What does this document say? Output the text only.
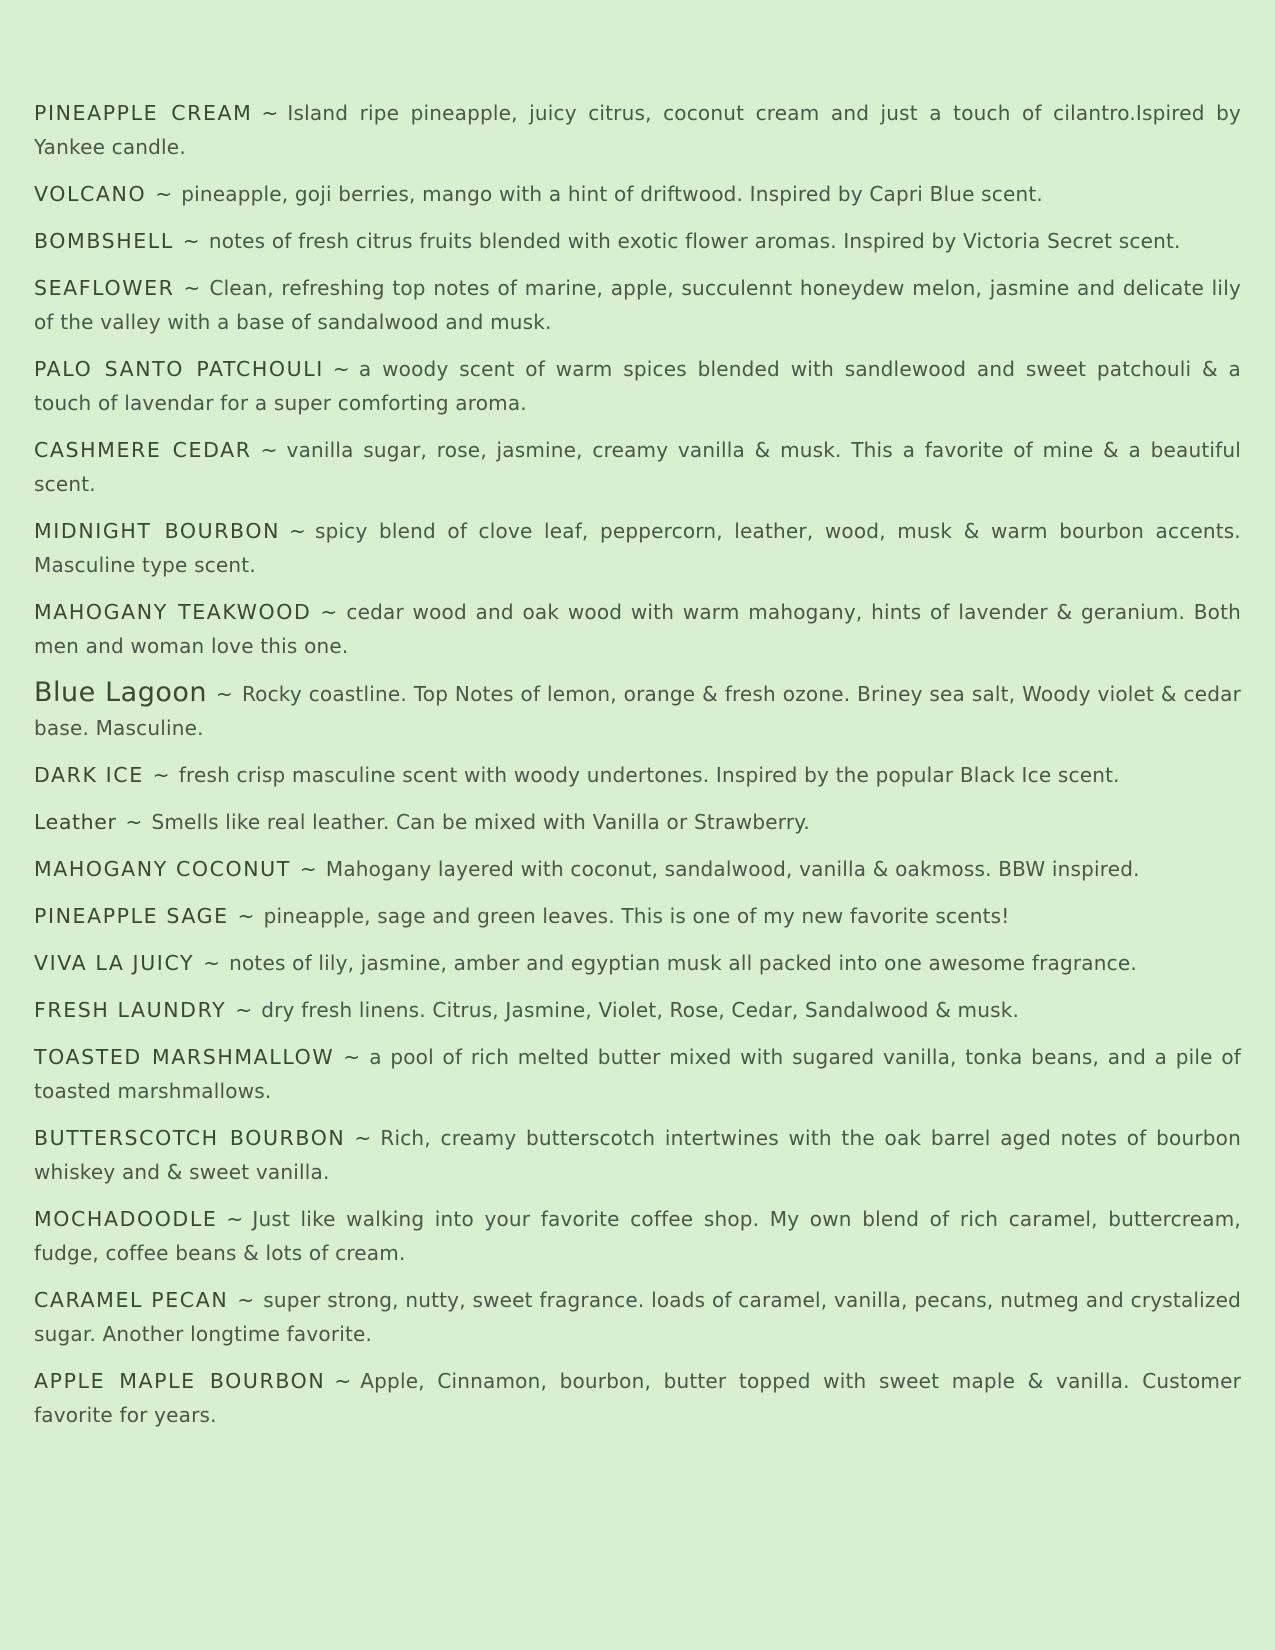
PINEAPPLE CREAM ~ Island ripe pineapple, juicy citrus, coconut cream and just a touch of cilantro.Ispired by Yankee candle.

VOLCANO ~ pineapple, goji berries, mango with a hint of driftwood. Inspired by Capri Blue scent.

BOMBSHELL ~ notes of fresh citrus fruits blended with exotic flower aromas. Inspired by Victoria Secret scent.

SEAFLOWER ~ Clean, refreshing top notes of marine, apple, succulennt honeydew melon, jasmine and delicate lily of the valley with a base of sandalwood and musk.

PALO SANTO PATCHOULI ~ a woody scent of warm spices blended with sandlewood and sweet patchouli & a touch of lavendar for a super comforting aroma.

CASHMERE CEDAR ~ vanilla sugar, rose, jasmine, creamy vanilla & musk. This a favorite of mine & a beautiful scent.

MIDNIGHT BOURBON ~ spicy blend of clove leaf, peppercorn, leather, wood, musk & warm bourbon accents. Masculine type scent.

MAHOGANY TEAKWOOD ~ cedar wood and oak wood with warm mahogany, hints of lavender & geranium. Both men and woman love this one.

Blue Lagoon ~ Rocky coastline. Top Notes of lemon, orange & fresh ozone. Briney sea salt, Woody violet & cedar base. Masculine.

DARK ICE ~ fresh crisp masculine scent with woody undertones. Inspired by the popular Black Ice scent.

Leather ~ Smells like real leather. Can be mixed with Vanilla or Strawberry.

MAHOGANY COCONUT ~ Mahogany layered with coconut, sandalwood, vanilla & oakmoss. BBW inspired.

PINEAPPLE SAGE ~ pineapple, sage and green leaves. This is one of my new favorite scents!

VIVA LA JUICY ~ notes of lily, jasmine, amber and egyptian musk all packed into one awesome fragrance.

FRESH LAUNDRY ~ dry fresh linens. Citrus, Jasmine, Violet, Rose, Cedar, Sandalwood & musk.

TOASTED MARSHMALLOW ~ a pool of rich melted butter mixed with sugared vanilla, tonka beans, and a pile of toasted marshmallows.

BUTTERSCOTCH BOURBON ~ Rich, creamy butterscotch intertwines with the oak barrel aged notes of bourbon whiskey and & sweet vanilla.

MOCHADOODLE ~ Just like walking into your favorite coffee shop. My own blend of rich caramel, buttercream, fudge, coffee beans & lots of cream.

CARAMEL PECAN ~ super strong, nutty, sweet fragrance. loads of caramel, vanilla, pecans, nutmeg and crystalized sugar. Another longtime favorite.

APPLE MAPLE BOURBON ~ Apple, Cinnamon, bourbon, butter topped with sweet maple & vanilla. Customer favorite for years.
